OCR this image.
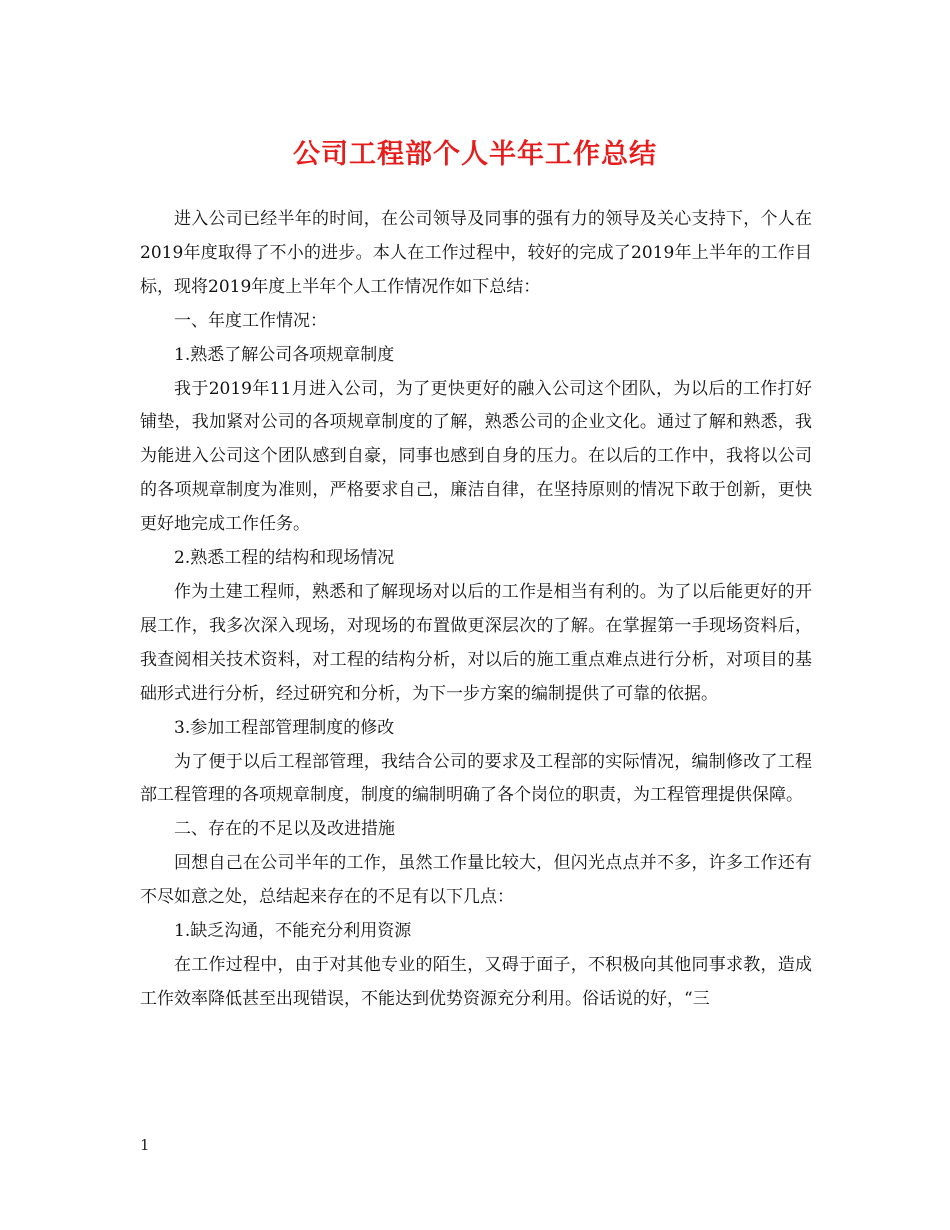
公司工程部个人半年工作总结

进入公司已经半年的时间，在公司领导及同事的强有力的领导及关心支持下，个人在2019年度取得了不小的进步。本人在工作过程中，较好的完成了2019年上半年的工作目标，现将2019年度上半年个人工作情况作如下总结：

一、年度工作情况：

1.熟悉了解公司各项规章制度

我于2019年11月进入公司，为了更快更好的融入公司这个团队，为以后的工作打好铺垫，我加紧对公司的各项规章制度的了解，熟悉公司的企业文化。通过了解和熟悉，我为能进入公司这个团队感到自豪，同事也感到自身的压力。在以后的工作中，我将以公司的各项规章制度为准则，严格要求自己，廉洁自律，在坚持原则的情况下敢于创新，更快更好地完成工作任务。

2.熟悉工程的结构和现场情况

作为土建工程师，熟悉和了解现场对以后的工作是相当有利的。为了以后能更好的开展工作，我多次深入现场，对现场的布置做更深层次的了解。在掌握第一手现场资料后，我查阅相关技术资料，对工程的结构分析，对以后的施工重点难点进行分析，对项目的基础形式进行分析，经过研究和分析，为下一步方案的编制提供了可靠的依据。

3.参加工程部管理制度的修改

为了便于以后工程部管理，我结合公司的要求及工程部的实际情况，编制修改了工程部工程管理的各项规章制度，制度的编制明确了各个岗位的职责，为工程管理提供保障。

二、存在的不足以及改进措施

回想自己在公司半年的工作，虽然工作量比较大，但闪光点点并不多，许多工作还有不尽如意之处，总结起来存在的不足有以下几点：

1.缺乏沟通，不能充分利用资源

在工作过程中，由于对其他专业的陌生，又碍于面子，不积极向其他同事求教，造成工作效率降低甚至出现错误，不能达到优势资源充分利用。俗话说的好，“三

1
